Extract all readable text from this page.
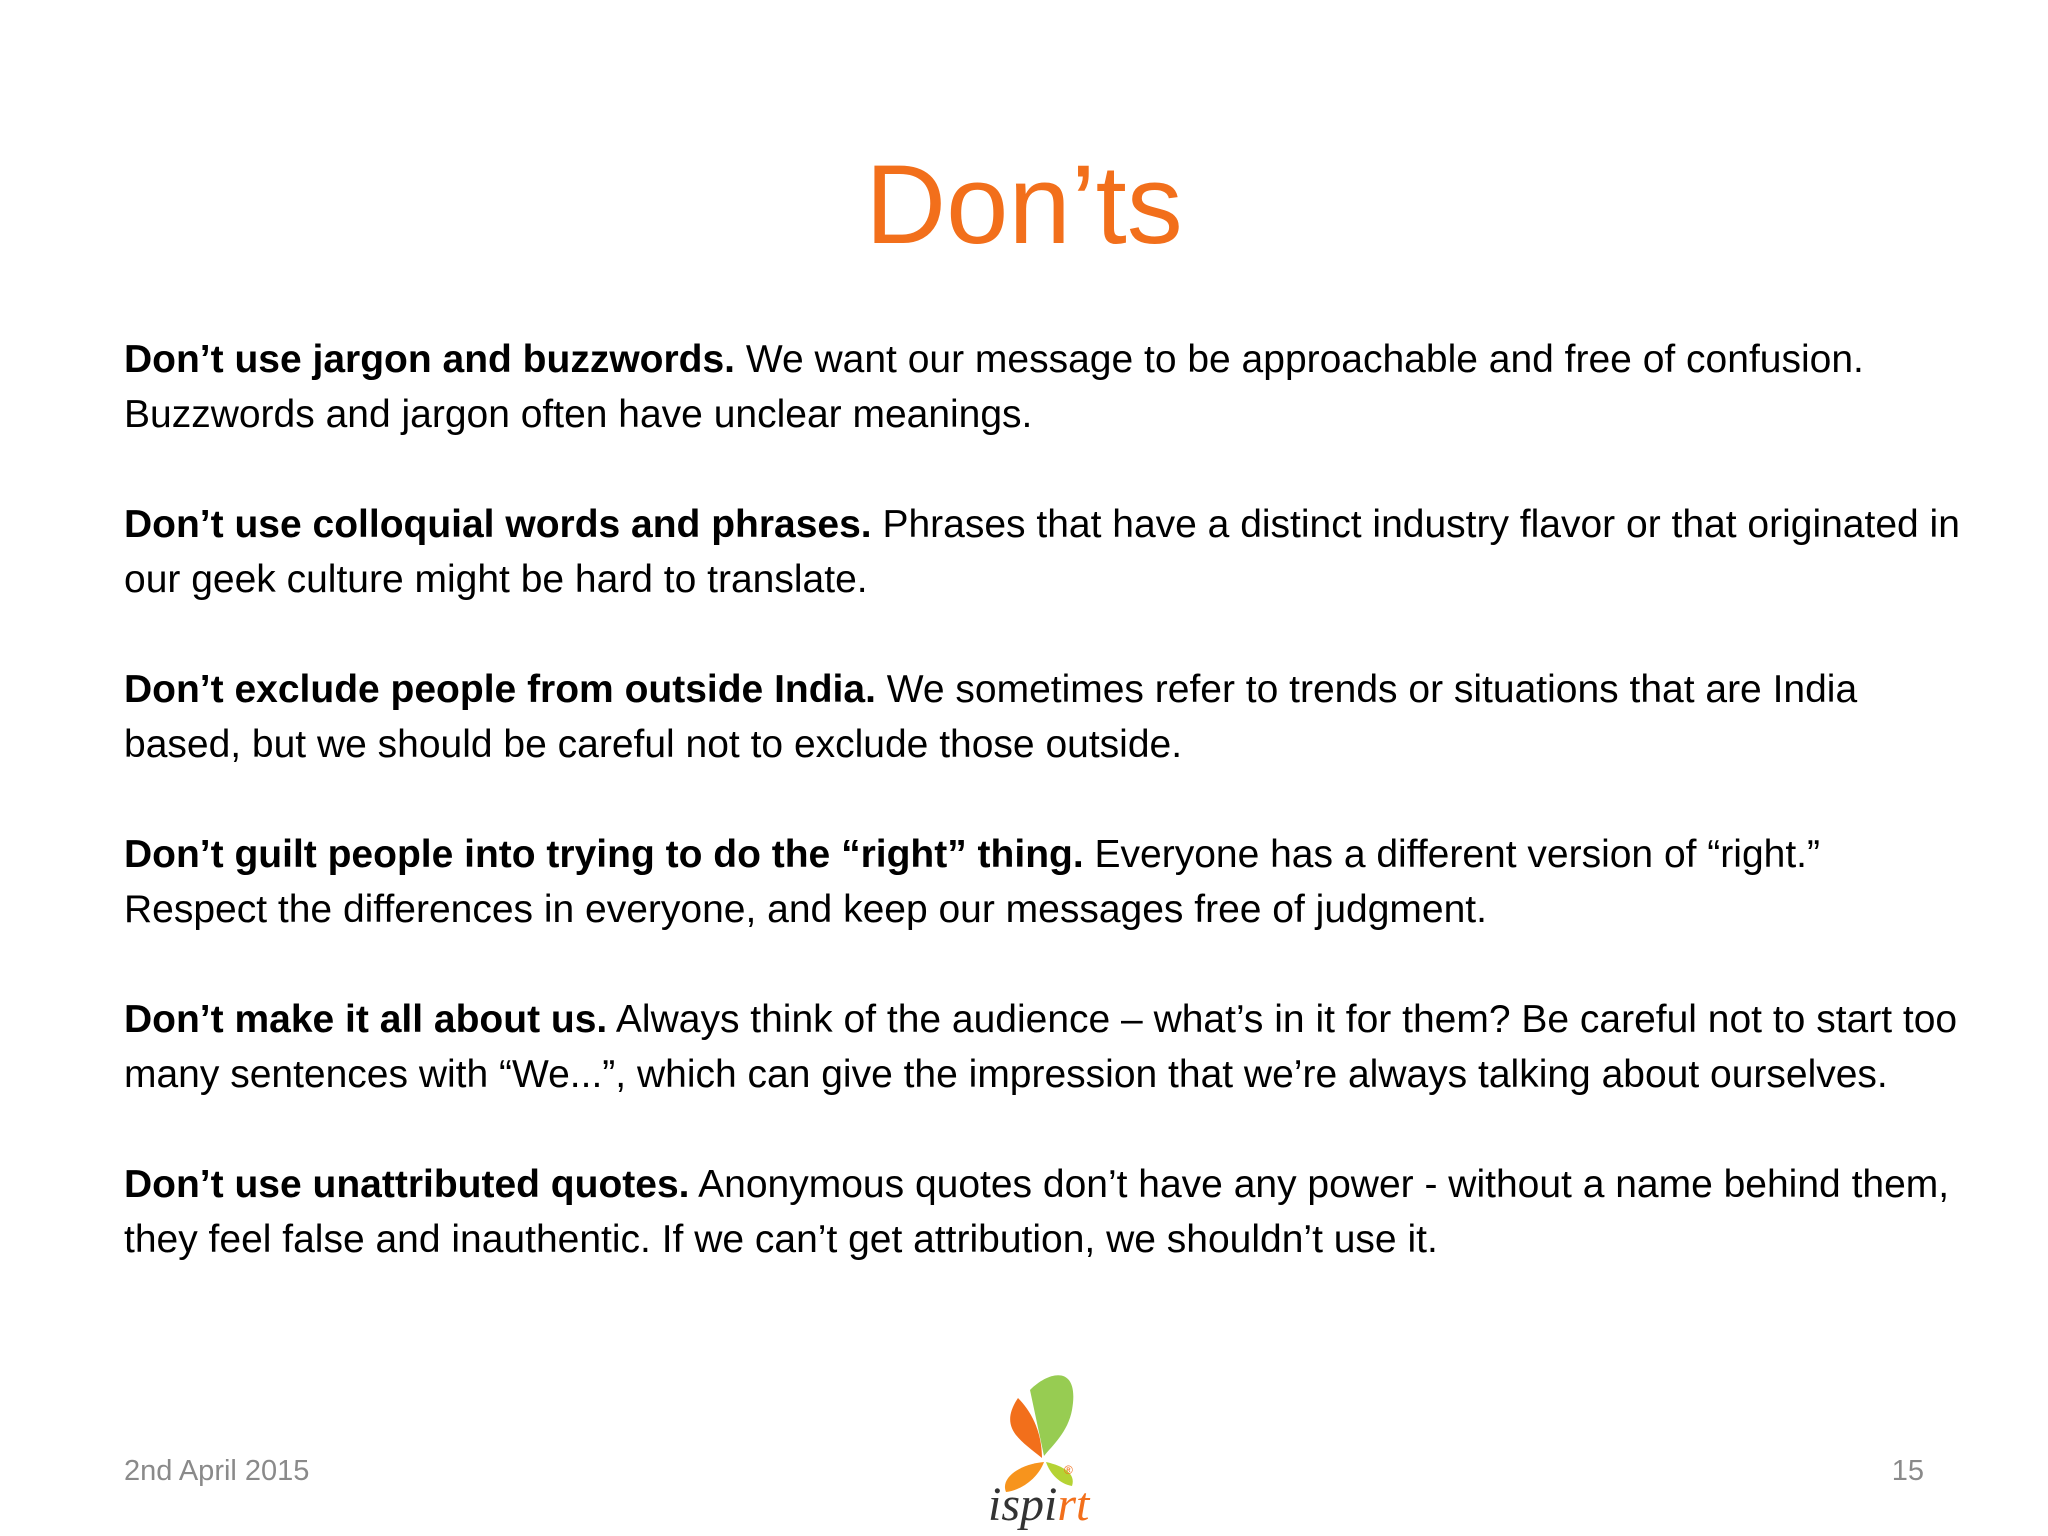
Don’ts

Don’t use jargon and buzzwords. We want our message to be approachable and free of confusion. Buzzwords and jargon often have unclear meanings.

Don’t use colloquial words and phrases. Phrases that have a distinct industry flavor or that originated in our geek culture might be hard to translate.

Don’t exclude people from outside India. We sometimes refer to trends or situations that are India based, but we should be careful not to exclude those outside.

Don’t guilt people into trying to do the “right” thing. Everyone has a different version of “right.” Respect the differences in everyone, and keep our messages free of judgment.

Don’t make it all about us. Always think of the audience – what’s in it for them? Be careful not to start too many sentences with “We...”, which can give the impression that we’re always talking about ourselves.

Don’t use unattributed quotes. Anonymous quotes don’t have any power - without a name behind them, they feel false and inauthentic. If we can’t get attribution, we shouldn’t use it.

2nd April 2015
ispirt
®	15
